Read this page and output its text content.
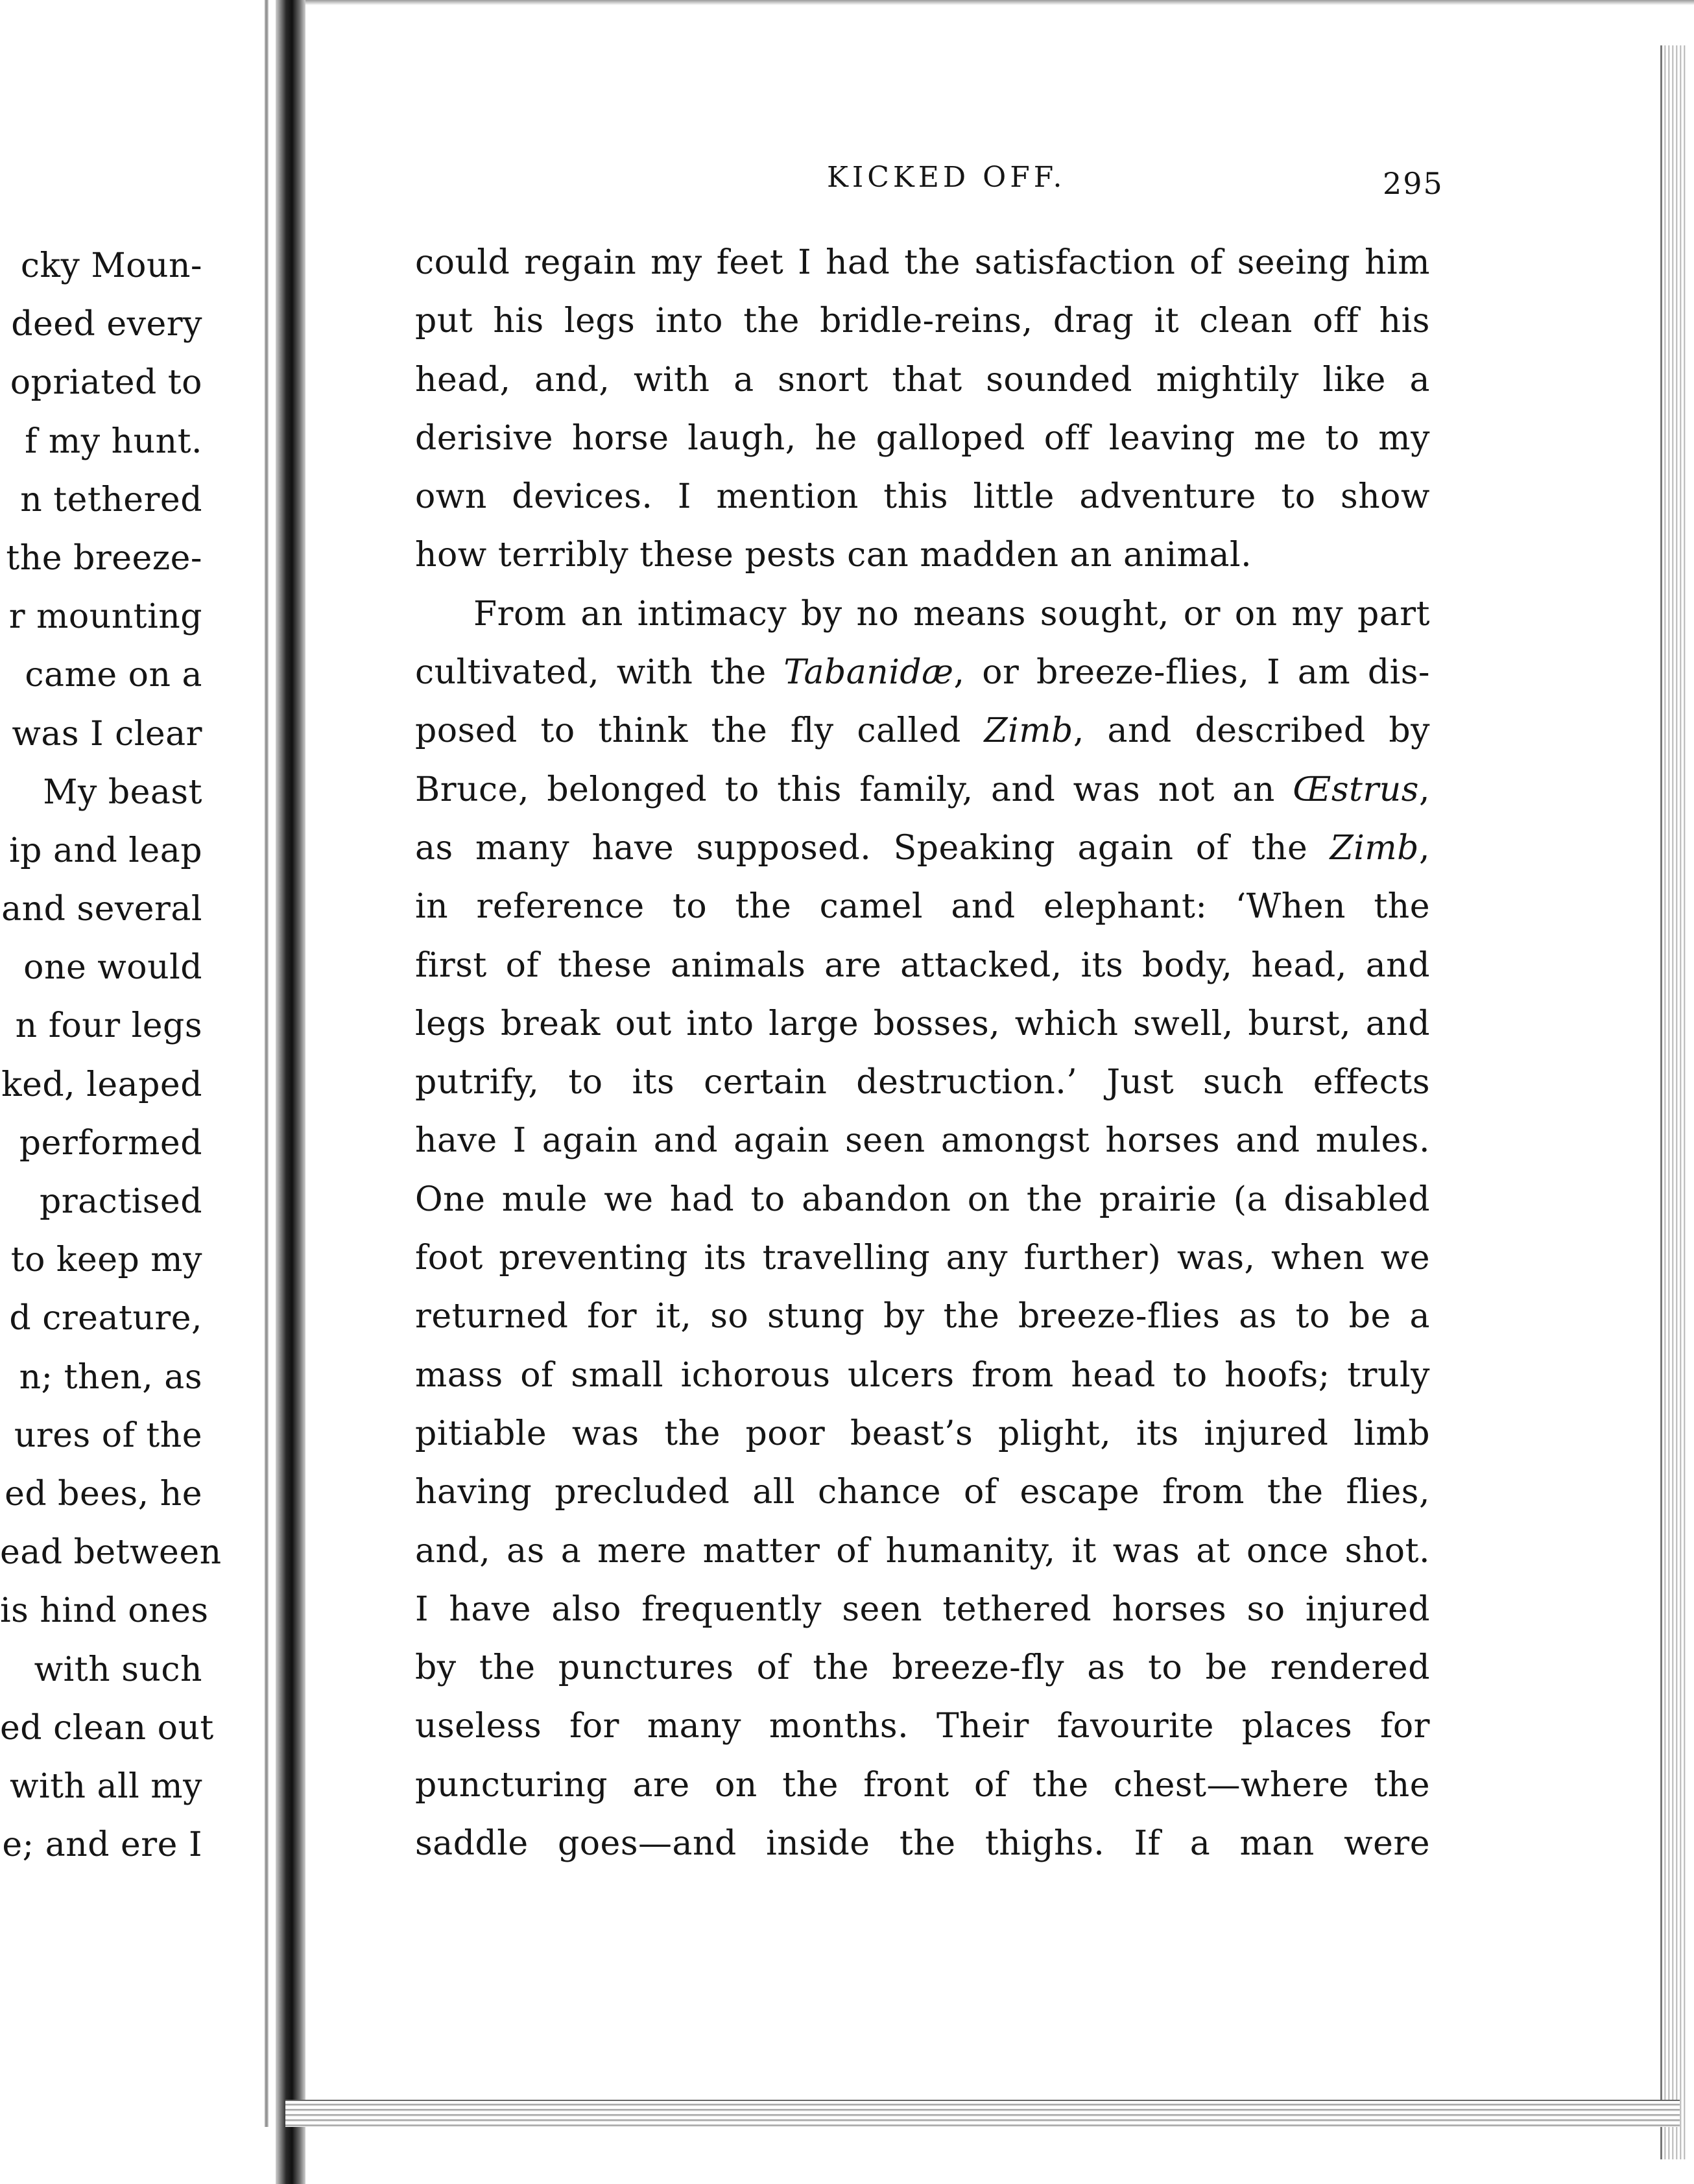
cky Moun-
deed every
opriated to
f my hunt.
n tethered
the breeze-
r mounting
came on a
was I clear
My beast
ip and leap
and several
one would
n four legs
ked, leaped
performed
practised
to keep my
d creature,
n; then, as
ures of the
ed bees, he
ead between
is hind ones
with such
ed clean out
with all my
e; and ere I
KICKED OFF.	295
could regain my feet I had the satisfaction of seeing him
put his legs into the bridle-reins, drag it clean off his
head, and, with a snort that sounded mightily like a
derisive horse laugh, he galloped off leaving me to my
own devices. I mention this little adventure to show
how terribly these pests can madden an animal.
From an intimacy by no means sought, or on my part
cultivated, with the Tabanidæ, or breeze-flies, I am dis-
posed to think the fly called Zimb, and described by
Bruce, belonged to this family, and was not an Œstrus,
as many have supposed. Speaking again of the Zimb,
in reference to the camel and elephant: ‘When the
first of these animals are attacked, its body, head, and
legs break out into large bosses, which swell, burst, and
putrify, to its certain destruction.’ Just such effects
have I again and again seen amongst horses and mules.
One mule we had to abandon on the prairie (a disabled
foot preventing its travelling any further) was, when we
returned for it, so stung by the breeze-flies as to be a
mass of small ichorous ulcers from head to hoofs; truly
pitiable was the poor beast’s plight, its injured limb
having precluded all chance of escape from the flies,
and, as a mere matter of humanity, it was at once shot.
I have also frequently seen tethered horses so injured
by the punctures of the breeze-fly as to be rendered
useless for many months. Their favourite places for
puncturing are on the front of the chest—where the
saddle goes—and inside the thighs. If a man were
